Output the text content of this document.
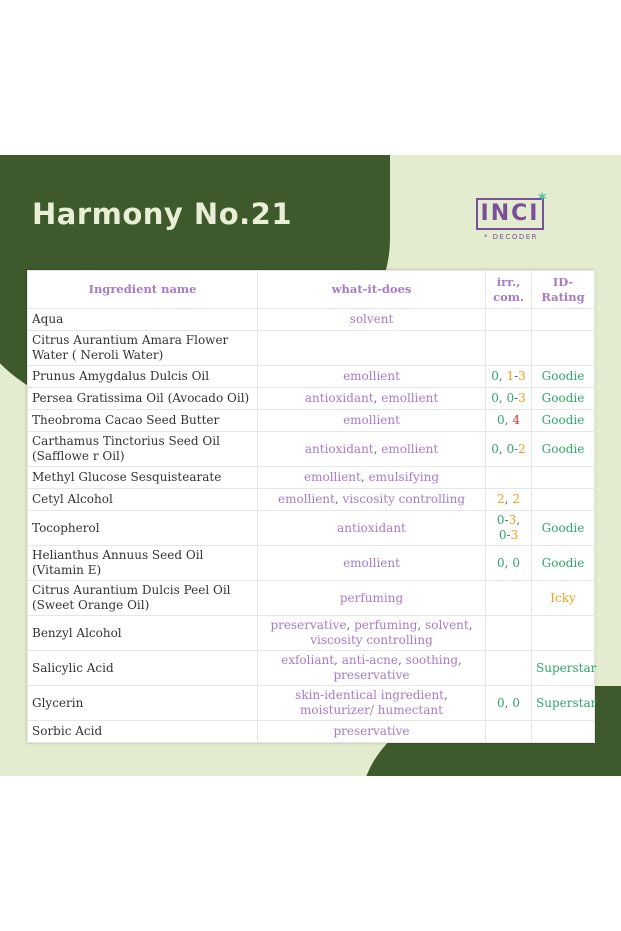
Harmony No.21	INCI
*
* DECODER
Ingredient name	what-it-does	irr., com.	ID-Rating
Aqua	solvent		
Citrus Aurantium Amara Flower Water ( Neroli Water)			
Prunus Amygdalus Dulcis Oil	emollient	0, 1-3	Goodie
Persea Gratissima Oil (Avocado Oil)	antioxidant, emollient	0, 0-3	Goodie
Theobroma Cacao Seed Butter	emollient	0, 4	Goodie
Carthamus Tinctorius Seed Oil (Safflowe r Oil)	antioxidant, emollient	0, 0-2	Goodie
Methyl Glucose Sesquistearate	emollient, emulsifying		
Cetyl Alcohol	emollient, viscosity controlling	2, 2	
Tocopherol	antioxidant	0-3, 0-3	Goodie
Helianthus Annuus Seed Oil (Vitamin E)	emollient	0, 0	Goodie
Citrus Aurantium Dulcis Peel Oil (Sweet Orange Oil)	perfuming		Icky
Benzyl Alcohol	preservative, perfuming, solvent, viscosity controlling		
Salicylic Acid	exfoliant, anti-acne, soothing, preservative		Superstar
Glycerin	skin-identical ingredient, moisturizer/ humectant	0, 0	Superstar
Sorbic Acid	preservative		
